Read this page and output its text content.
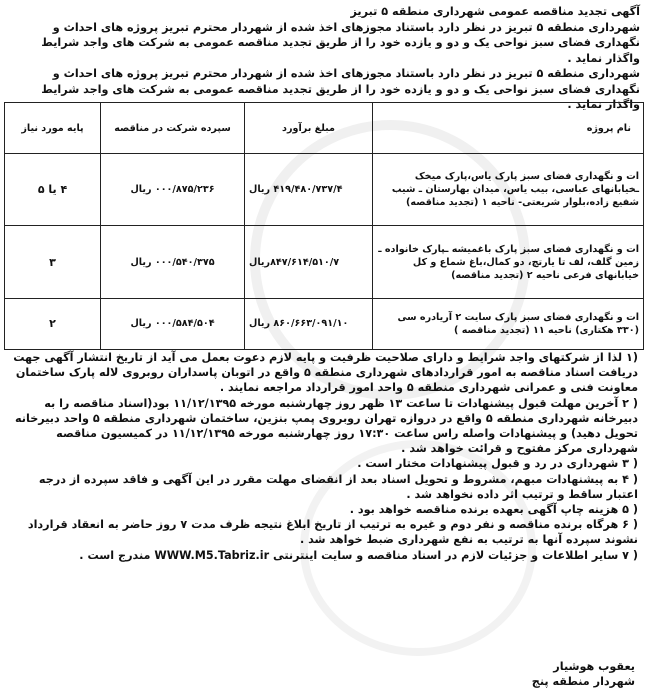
آگهی تجدید مناقصه عمومی شهرداری منطقه ۵ تبریز
شهرداری منطقه ۵ تبریز در نظر دارد باستناد مجوزهای اخذ شده از شهردار محترم تبریز پروژه های احداث و نگهداری فضای سبز نواحی یک و دو و یازده خود را از طریق تجدید مناقصه عمومی به شرکت های واجد شرایط واگذار نماید .
شهرداری منطقه ۵ تبریز در نظر دارد باستناد مجوزهای اخذ شده از شهردار محترم تبریز پروژه های احداث و نگهداری فضای سبز نواحی یک و دو و یازده خود را از طریق تجدید مناقصه عمومی به شرکت های واجد شرایط واگذار نماید .
نام پروژه	مبلغ برآورد	سپرده شرکت در مناقصه	پایه مورد نیاز
ات و نگهداری فضای سبز پارک یاس،پارک میخک ـخیابانهای عباسی، بیب یاس، میدان بهارستان ـ شیب شفیع زاده،بلوار شریعتی- ناحیه ۱ (تجدید مناقصه)	۴۱۹/۴۸۰/۷۳۷/۴ ریال	۰۰۰/۸۷۵/۲۳۶ ریال	۴ یا ۵
ات و نگهداری فضای سبز پارک باغمیشه ـپارک خانواده ـ زمین گلف، لف تا یارتچ، دو کمال،باغ شماع و کل خیابانهای فرعی ناحیه ۲ (تجدید مناقصه)	۸۴۷/۶۱۴/۵۱۰/۷ریال	۰۰۰/۵۴۰/۳۷۵ ریال	۳
ات و نگهداری فضای سبز پارک سایت ۲ آریادره سی (۳۳۰ هکتاری) ناحیه ۱۱ (تجدید مناقصه )	۸۶۰/۶۶۳/۰۹۱/۱۰ ریال	۰۰۰/۵۸۴/۵۰۴ ریال	۲

(۱ لذا از شرکتهای واجد شرایط و دارای صلاحیت ظرفیت و پایه لازم دعوت بعمل می آید از تاریخ انتشار آگهی جهت دریافت اسناد مناقصه به امور قراردادهای شهرداری منطقه ۵ واقع در اتوبان پاسداران روبروی لاله پارک ساختمان معاونت فنی و عمرانی شهرداری منطقه ۵ واحد امور قرارداد مراجعه نمایند .

( ۲ آخرین مهلت قبول پیشنهادات تا ساعت ۱۳ ظهر روز چهارشنبه مورخه ۱۱/۱۲/۱۳۹۵ بود(اسناد مناقصه را به دبیرخانه شهرداری منطقه ۵ واقع در دروازه تهران روبروی پمپ بنزین، ساختمان شهرداری منطقه ۵ واحد دبیرخانه تحویل دهید) و پیشنهادات واصله راس ساعت ۱۷:۳۰ روز چهارشنبه مورخه ۱۱/۱۲/۱۳۹۵ در کمیسیون مناقصه شهرداری مرکز مفتوح و قرائت خواهد شد .

( ۳ شهرداری در رد و قبول پیشنهادات مختار است .

( ۴ به پیشنهادات مبهم، مشروط و تحویل اسناد بعد از انقضای مهلت مقرر در این آگهی و فاقد سپرده از درجه اعتبار ساقط و ترتیب اثر داده نخواهد شد .

( ۵ هزینه چاپ آگهی بعهده برنده مناقصه خواهد بود .

( ۶ هرگاه برنده مناقصه و نفر دوم و غیره به ترتیب از تاریخ ابلاغ نتیجه ظرف مدت ۷ روز حاضر به انعقاد قرارداد نشوند سپرده آنها به ترتیب به نفع شهرداری ضبط خواهد شد .

( ۷ سایر اطلاعات و جزئیات لازم در اسناد مناقصه و سایت اینترنتی WWW.M5.Tabriz.ir مندرج است .

یعقوب هوشیار
شهردار منطقه پنج
